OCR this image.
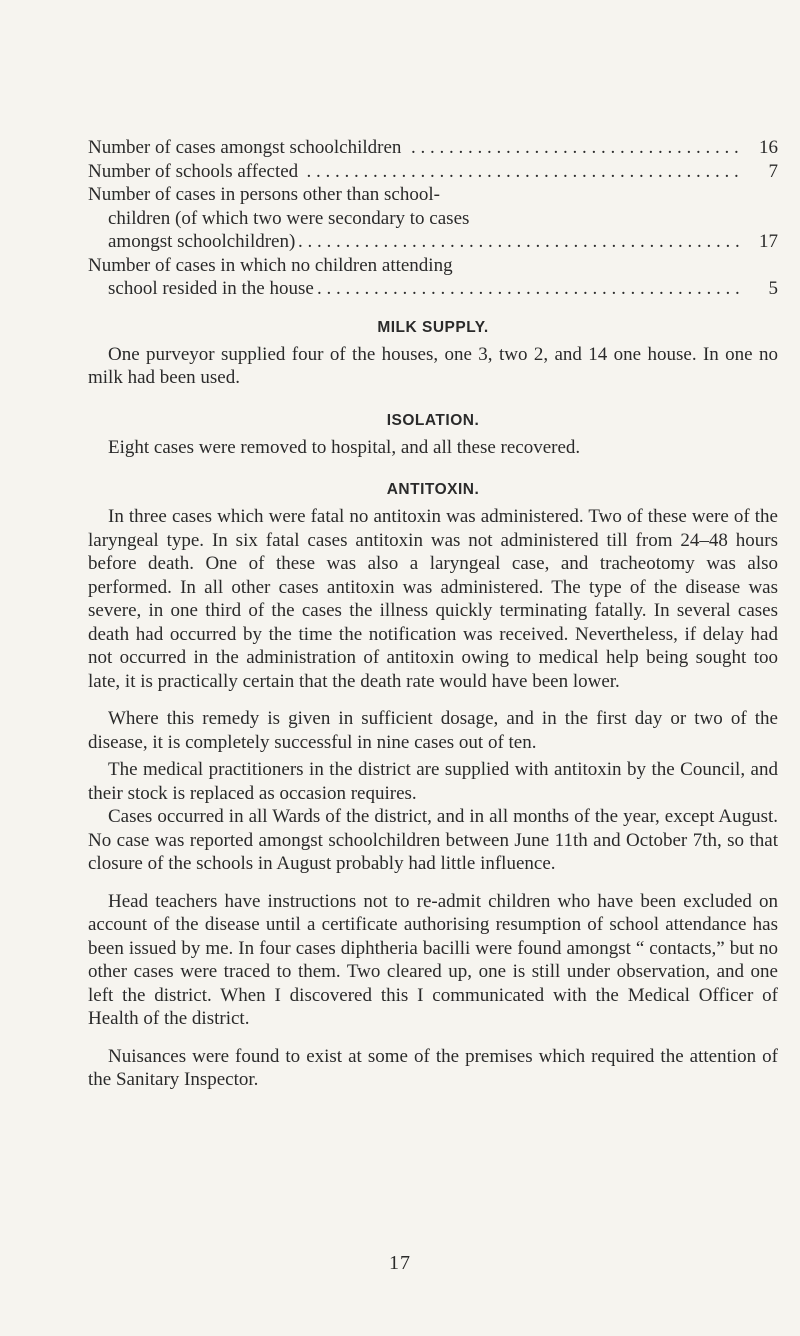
Number of cases amongst schoolchildren . . .	16
Number of schools affected . . .	7
Number of cases in persons other than school-
children (of which two were secondary to cases
amongst schoolchildren) . . .	17
Number of cases in which no children attending
school resided in the house . . .	5
MILK SUPPLY.

One purveyor supplied four of the houses, one 3, two 2, and 14 one house. In one no milk had been used.

ISOLATION.

Eight cases were removed to hospital, and all these recovered.

ANTITOXIN.

In three cases which were fatal no antitoxin was administered. Two of these were of the laryngeal type. In six fatal cases antitoxin was not administered till from 24–48 hours before death. One of these was also a laryngeal case, and tracheotomy was also performed. In all other cases antitoxin was administered. The type of the disease was severe, in one third of the cases the illness quickly terminating fatally. In several cases death had occurred by the time the notification was received. Nevertheless, if delay had not occurred in the administration of antitoxin owing to medical help being sought too late, it is practically certain that the death rate would have been lower.

Where this remedy is given in sufficient dosage, and in the first day or two of the disease, it is completely successful in nine cases out of ten.

The medical practitioners in the district are supplied with antitoxin by the Council, and their stock is replaced as occasion requires.

Cases occurred in all Wards of the district, and in all months of the year, except August. No case was reported amongst schoolchildren between June 11th and October 7th, so that closure of the schools in August probably had little influence.

Head teachers have instructions not to re-admit children who have been excluded on account of the disease until a certificate authorising resumption of school attendance has been issued by me. In four cases diphtheria bacilli were found amongst “ contacts,” but no other cases were traced to them. Two cleared up, one is still under observation, and one left the district. When I discovered this I communicated with the Medical Officer of Health of the district.

Nuisances were found to exist at some of the premises which required the attention of the Sanitary Inspector.

17
